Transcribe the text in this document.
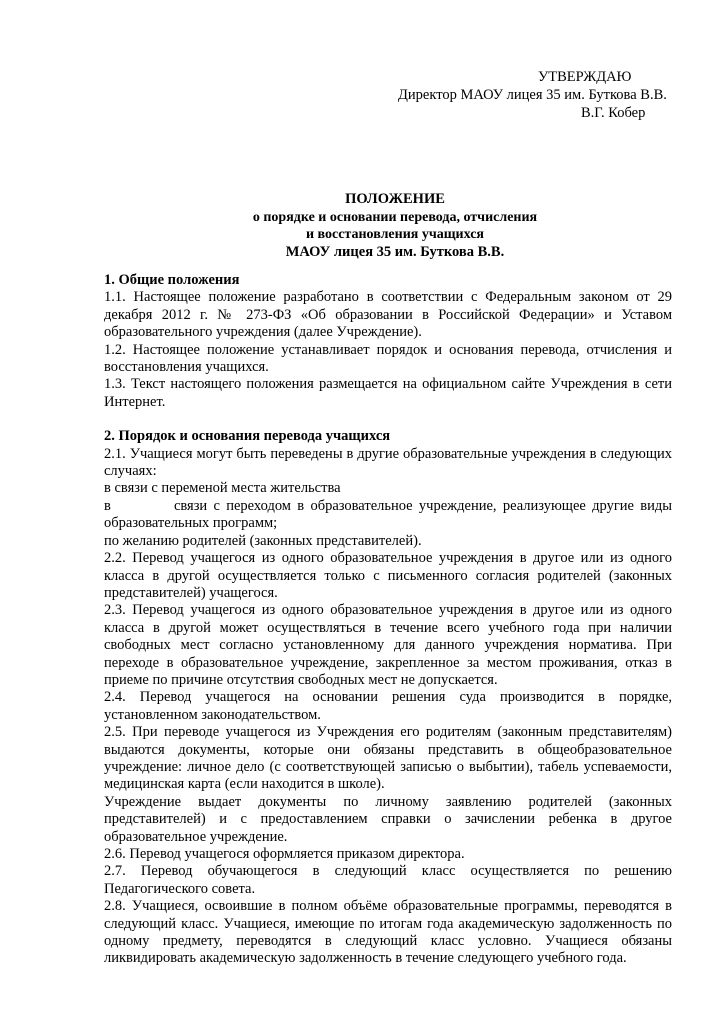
УТВЕРЖДАЮ
Директор МАОУ лицея 35 им. Буткова В.В.
В.Г. Кобер
ПОЛОЖЕНИЕ
о порядке и основании перевода, отчисления
и восстановления учащихся
МАОУ лицея 35 им. Буткова В.В.

1. Общие положения

1.1. Настоящее положение разработано в соответствии с Федеральным законом от 29 декабря 2012 г. № 273-ФЗ «Об образовании в Российской Федерации» и Уставом образовательного учреждения (далее Учреждение).

1.2. Настоящее положение устанавливает порядок и основания перевода, отчисления и восстановления учащихся.

1.3. Текст настоящего положения размещается на официальном сайте Учреждения в сети Интернет.

2. Порядок и основания перевода учащихся

2.1. Учащиеся могут быть переведены в другие образовательные учреждения в следующих случаях:

в связи с переменой места жительства

в	связи с переходом в образовательное учреждение, реализующее другие виды образовательных программ;

по желанию родителей (законных представителей).

2.2. Перевод учащегося из одного образовательное учреждения в другое или из одного класса в другой осуществляется только с письменного согласия родителей (законных представителей) учащегося.

2.3. Перевод учащегося из одного образовательное учреждения в другое или из одного класса в другой может осуществляться в течение всего учебного года при наличии свободных мест согласно установленному для данного учреждения норматива. При переходе в образовательное учреждение, закрепленное за местом проживания, отказ в приеме по причине отсутствия свободных мест не допускается.

2.4. Перевод учащегося на основании решения суда производится в порядке, установленном законодательством.

2.5. При переводе учащегося из Учреждения его родителям (законным представителям) выдаются документы, которые они обязаны представить в общеобразовательное учреждение: личное дело (с соответствующей записью о выбытии), табель успеваемости, медицинская карта (если находится в школе).

Учреждение выдает документы по личному заявлению родителей (законных представителей) и с предоставлением справки о зачислении ребенка в другое образовательное учреждение.

2.6. Перевод учащегося оформляется приказом директора.

2.7. Перевод обучающегося в следующий класс осуществляется по решению Педагогического совета.

2.8. Учащиеся, освоившие в полном объёме образовательные программы, переводятся в следующий класс. Учащиеся, имеющие по итогам года академическую задолженность по одному предмету, переводятся в следующий класс условно. Учащиеся обязаны ликвидировать академическую задолженность в течение следующего учебного года.
